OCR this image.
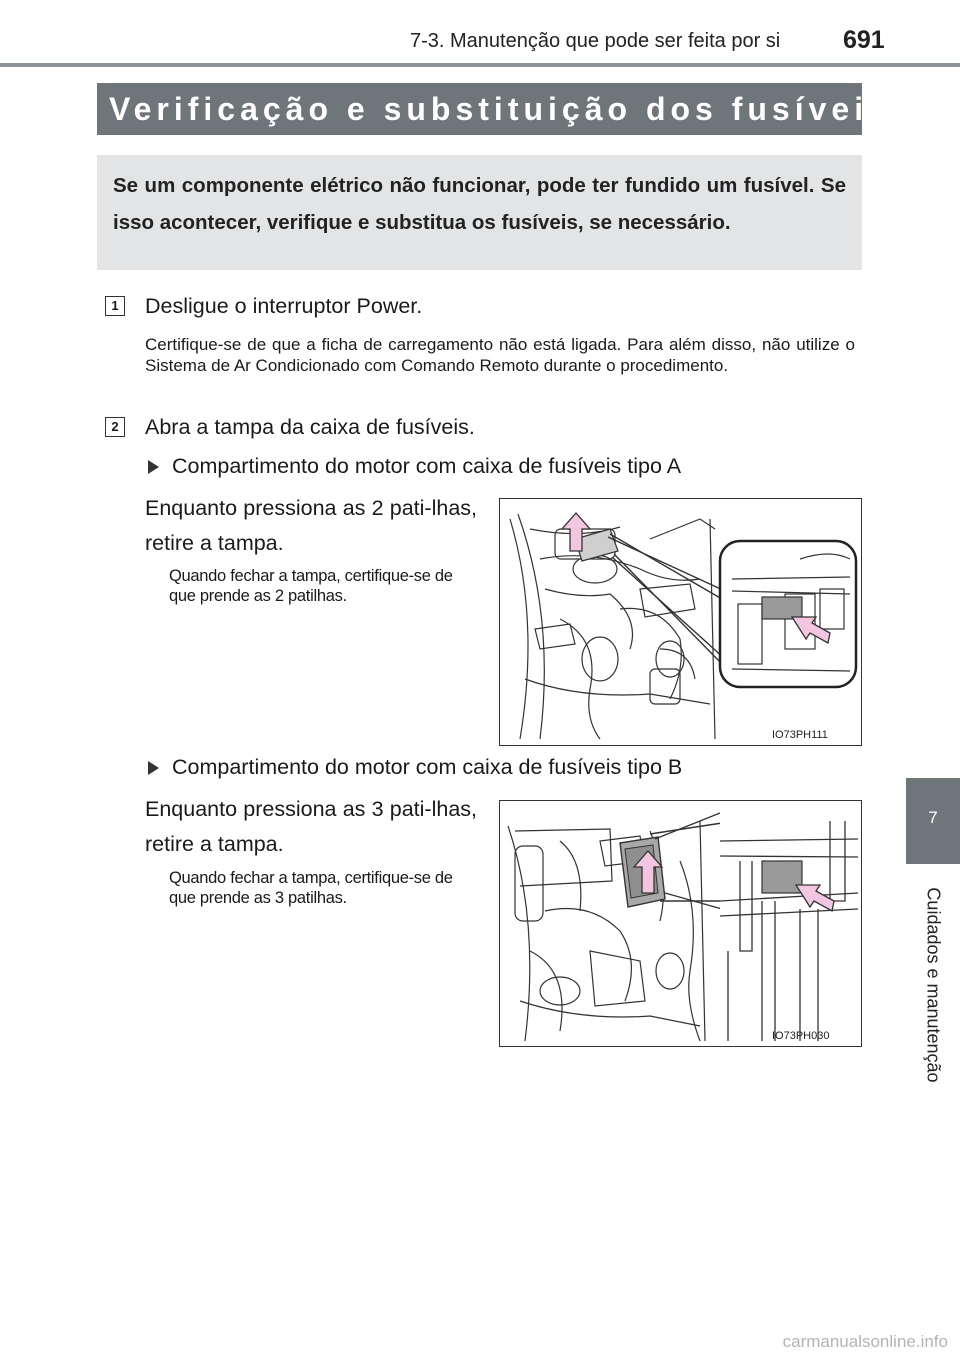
7-3. Manutenção que pode ser feita por si	691
Verificação e substituição dos fusíveis
Se um componente elétrico não funcionar, pode ter fundido um fusível. Se isso acontecer, verifique e substitua os fusíveis, se necessário.
1 Desligue o interruptor Power.
Certifique-se de que a ficha de carregamento não está ligada. Para além disso, não utilize o Sistema de Ar Condicionado com Comando Remoto durante o procedimento.
2 Abra a tampa da caixa de fusíveis.
Compartimento do motor com caixa de fusíveis tipo A
Enquanto pressiona as 2 pati-lhas, retire a tampa.
Quando fechar a tampa, certifique-se de que prende as 2 patilhas.
IO73PH111
Compartimento do motor com caixa de fusíveis tipo B
Enquanto pressiona as 3 pati-lhas, retire a tampa.
Quando fechar a tampa, certifique-se de que prende as 3 patilhas.
IO73PH030
7
Cuidados e manutenção
carmanualsonline.info
